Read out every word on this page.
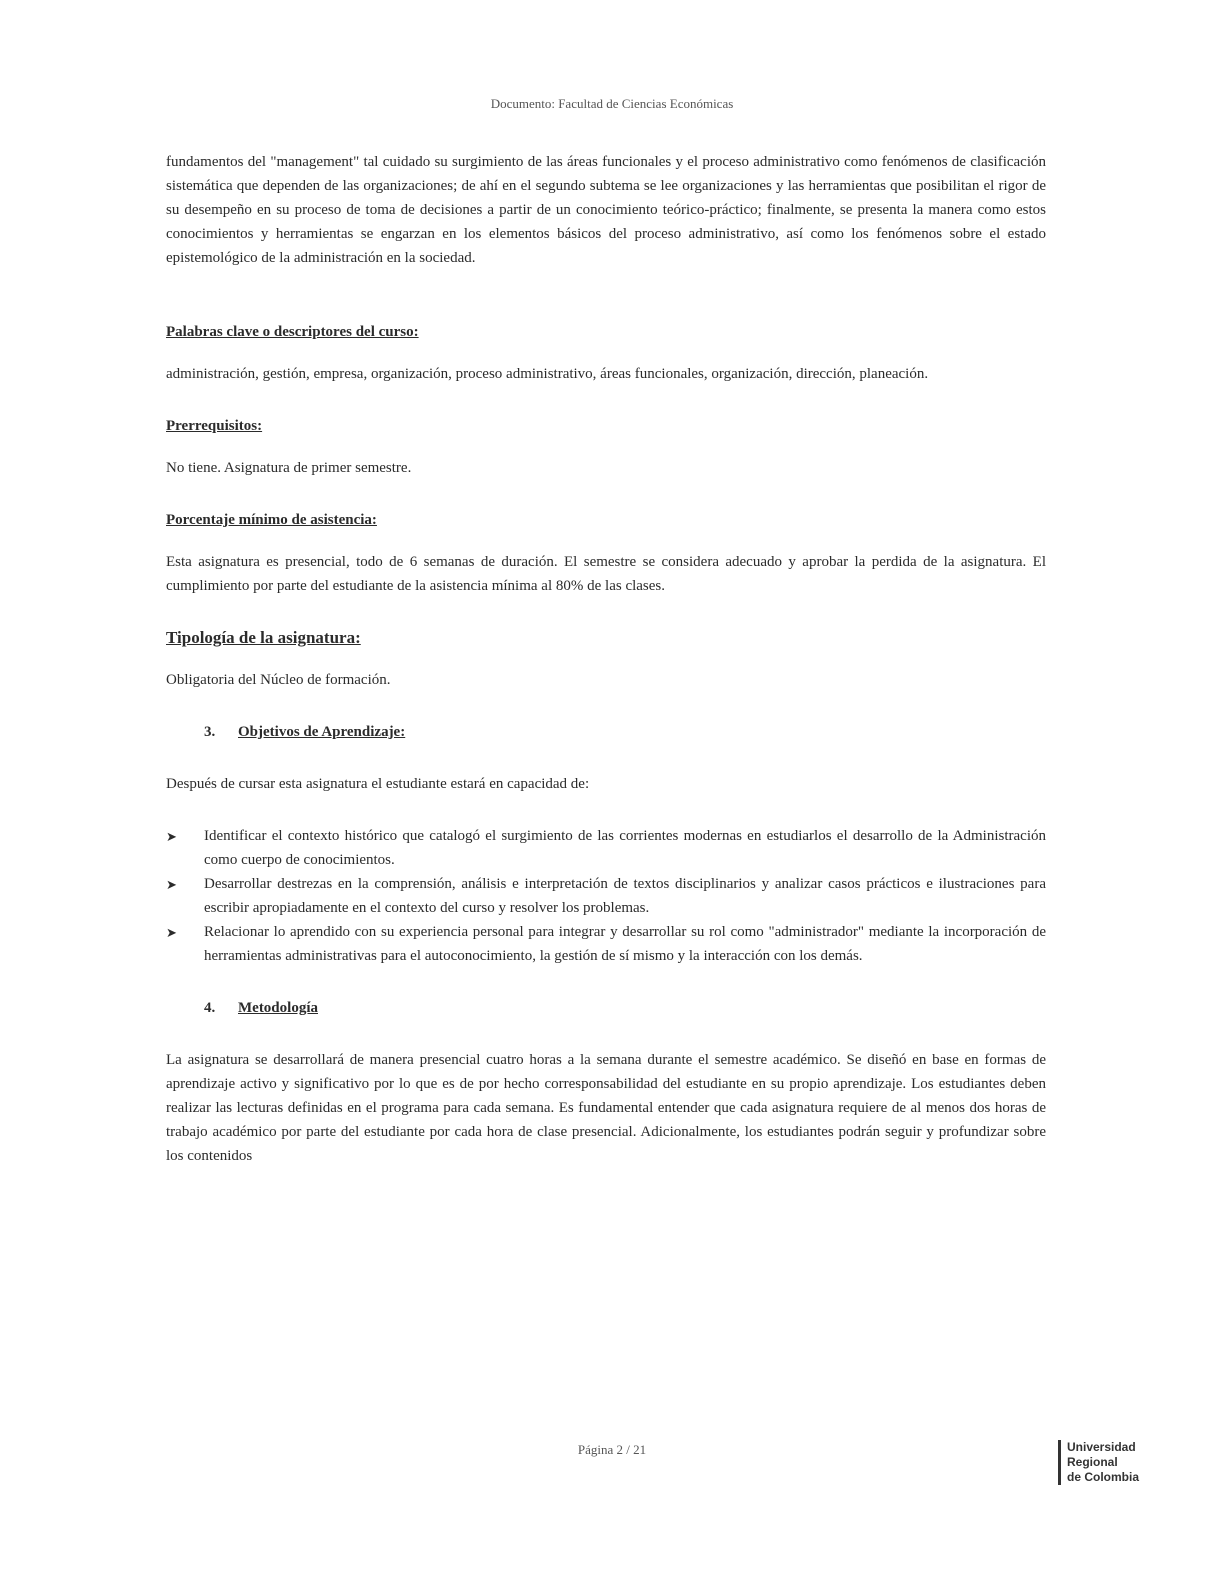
Documento: Facultad de Ciencias Económicas

fundamentos del "management" tal cuidado su surgimiento de las áreas funcionales y el proceso administrativo como fenómenos de clasificación sistemática que dependen de las organizaciones; de ahí en el segundo subtema se lee organizaciones y las herramientas que posibilitan el rigor de su desempeño en su proceso de toma de decisiones a partir de un conocimiento teórico-práctico; finalmente, se presenta la manera como estos conocimientos y herramientas se engarzan en los elementos básicos del proceso administrativo, así como los fenómenos sobre el estado epistemológico de la administración en la sociedad.

Palabras clave o descriptores del curso:

administración, gestión, empresa, organización, proceso administrativo, áreas funcionales, organización, dirección, planeación.

Prerrequisitos:

No tiene. Asignatura de primer semestre.

Porcentaje mínimo de asistencia:

Esta asignatura es presencial, todo de 6 semanas de duración. El semestre se considera adecuado y aprobar la perdida de la asignatura. El cumplimiento por parte del estudiante de la asistencia mínima al 80% de las clases.

Tipología de la asignatura:

Obligatoria del Núcleo de formación.

3.	Objetivos de Aprendizaje:

Después de cursar esta asignatura el estudiante estará en capacidad de:

➤	Identificar el contexto histórico que catalogó el surgimiento de las corrientes modernas en estudiarlos el desarrollo de la Administración como cuerpo de conocimientos.
➤	Desarrollar destrezas en la comprensión, análisis e interpretación de textos disciplinarios y analizar casos prácticos e ilustraciones para escribir apropiadamente en el contexto del curso y resolver los problemas.
➤	Relacionar lo aprendido con su experiencia personal para integrar y desarrollar su rol como "administrador" mediante la incorporación de herramientas administrativas para el autoconocimiento, la gestión de sí mismo y la interacción con los demás.
4.	Metodología

La asignatura se desarrollará de manera presencial cuatro horas a la semana durante el semestre académico. Se diseñó en base en formas de aprendizaje activo y significativo por lo que es de por hecho corresponsabilidad del estudiante en su propio aprendizaje. Los estudiantes deben realizar las lecturas definidas en el programa para cada semana. Es fundamental entender que cada asignatura requiere de al menos dos horas de trabajo académico por parte del estudiante por cada hora de clase presencial. Adicionalmente, los estudiantes podrán seguir y profundizar sobre los contenidos

Página 2 / 21	Universidad
Regional
de Colombia
